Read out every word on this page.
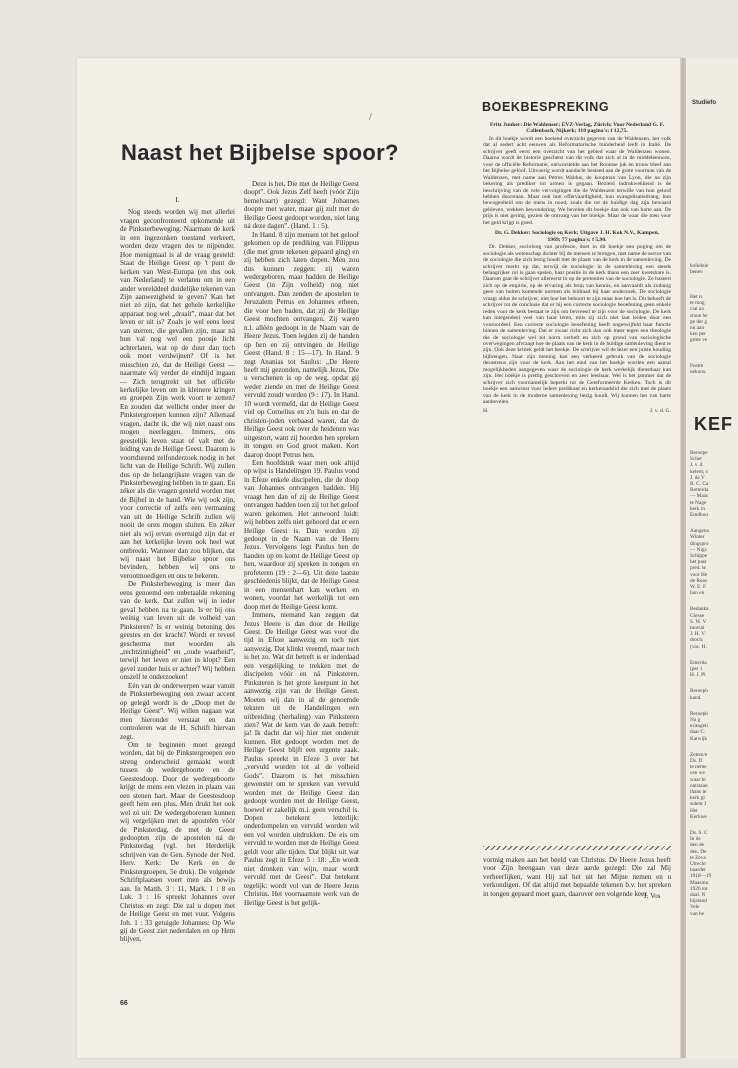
Studiefo
KEF
kollektie
beneo
Het is
te mog
cial aa
sinne he
ge der g
nu aan
ken per
grote ve
Postre
nekons.
Beroepe
Scher
J. v. d.
kelem; c
J. de V
R. C. Ca
Rotterda
— Maas
te Nage
kerk in
Emdhou
Aangeno
Winter
dingspro
— Nigs
Schippe
het past
pred. te
voor He
de Roos
W. E. F
hun en
Bedanka
Giesse
S. W. V
morsai
J. H. V
droch;
(vac. H.
Emerita
(per 1
H. J. Pl
Beroeph
kand.
Beroeph
Na g
evangeli
daar C.
Katwijk
Zetten/e
Ds. D
te neme
cen we
waar hi
ontstaan
thans te
kerk gi
sulent J
Het
Kerkwe
Ds. S. C
In de
den de
den. De
te Zeva
Utrecht
haarder
1918—19
Maasmu
1926 tot
daal. N
bijstand
Vele
van he
/
Naast het Bijbelse spoor?

I.

Nog steeds worden wij met allerlei vragen geconfronteerd opkomende uit de Pinksterbeweging. Naarmate de kerk in een ingezonken toestand verkeert, worden deze vragen des te nijpender. Hoe menigmaal is al de vraag gesteld: Staat de Heilige Geest op 't punt de kerken van West-Europa (en dus ook van Nederland) te verlaten om in een ander werelddeel duidelijke tekenen van Zijn aanwezigheid te geven? Kan het niet zó zijn, dat het gehele kerkelijke apparaat nog wel „draait”, maar dat het leven er uit is? Zoals je wel eens leest van sterren, die gevallen zijn, maar nà hun val nog wel een poosje licht achterlaten, wat op de duur dan toch ook moet verdwijnen? Of is het misschien zó, dat de Heilige Geest — naarmate wij verder de eindtijd ingaan — Zich terugtrekt uit het officiële kerkelijke leven om in kleinere kringen en groepen Zijn werk voort te zetten? En zouden dat wellicht onder meer de Pinkstergroepen kunnen zijn? Allemaal vragen, dacht ik, die wij niet naast ons mogen neerleggen. Immers, ons geestelijk leven staat of valt met de leiding van de Heilige Geest. Daarom is voortdurend zelfonderzoek nodig in het licht van de Heilige Schrift. Wij zullen dus op de belangrijkste vragen van de Pinksterbeweging hebben in te gaan. En zéker als die vragen gesteld worden met de Bijbel in de hand. Wie wij ook zijn, voor correctie of zelfs een vermaning van uit de Heilige Schrift zullen wij nooit de oren mogen sluiten. En zéker niet als wij ervan overtuigd zijn dat er aan het kerkelijke leven ook heel wat ontbreekt. Wanneer dan zou blijken, dat wij naast het Bijbelse spoor ons bevinden, hebben wij ons te verootmoedigen en ons te bekeren.

De Pinksterbeweging is meer dan eens genoemd een onbetaalde rekening van de kerk. Dat zullen wij in ieder geval hebben na te gaan. Is er bij ons weinig van leven uit de volheid van Pinksteren? Is er weinig betoning des geestes en der kracht? Wordt er teveel gescherma met woorden als „rechtzinnigheid” en „oude waarheid”, terwijl het leven er niet in klopt? Een gevel zonder huis er achter? Wij hebben onszelf te onderzoeken!

Eén van de onderwerpen waar vanuit de Pinksterbeweging een zwaar accent op gelegd wordt is de „Doop met de Heilige Geest”. Wij willen nagaan wat men hieronder verstaat en dan controleren wat de H. Schrift hiervan zegt.

Om te beginnen moet gezegd worden, dat bij de Pinkstergroepen een streng onderscheid gemaakt wordt tussen de wedergeboorte en de Geestesdoop. Door de wedergeboorte krijgt de mens een vlezen in plaats van een stenen hart. Maar de Geestesdoop geeft hem een plus. Men drukt het ook wel zó uit: De wedergeborenen kunnen wij vergelijken met de apostelen vóór de Pinksterdag, de met de Geest gedoopten zijn de apostelen ná de Pinksterdag (vgl. het Herderlijk schrijven van de Gen. Synode der Ned. Herv. Kerk: De Kerk en de Pinkstergroepen, 5e druk). De volgende Schriftplaatsen voert men als bewijs aan. In Matth. 3 : 11, Mark. 1 : 8 en Luk. 3 : 16 spreekt Johannes over Christus en zegt: Die zal u dopen met de Heilige Geest en met vuur. Volgens Joh. 1 : 33 getuigde Johannes: Op Wie gij de Geest ziet nederdalen en op Hem blijven,

Deze is het, Die met de Heilige Geest doopt”. Ook Jezus Zelf heeft (vóór Zijn hemelvaart) gezegd: Want Johannes doopte met water, maar gij zult met de Heilige Geest gedoopt worden, niet lang ná deze dagen”. (Hand. 1 : 5).

In Hand. 8 zijn mensen tot het geloof gekomen op de prediking van Filippus (die met grote tekenen gepaard ging) en zij hebben zich laten dopen. Men zou dus kunnen zeggen: zij waren wedergeboren, maar hadden de Heilige Geest (in Zijn volheid) nog niet ontvangen. Dan zenden de apostelen te Jeruzalem Petrus en Johannes erheen, die voor hen baden, dat zij de Heilige Geest mochten ontvangen. Zij waren n.l. alléén gedoopt in de Naam van de Heere Jezus. Toen legden zij de handen op hen en zij ontvingen de Heilige Geest (Hand. 8 : 15—17). In Hand. 9 zegt Ananias tot Saulus: „De Heere heeft mij gezonden, namelijk Jezus, Die u verschenen is op de weg, opdat gij weder ziende en met de Heilige Geest vervuld zoudt worden (9 : 17). In Hand. 10 wordt vermeld, dat de Heilige Geest viel op Cornelius en z'n huis en dat de christen-joden verbaasd waren, dat de Heilige Geest ook over de heidenen was uitgestort, want zij hoorden hen spreken in tongen en God groot maken. Kort daarop doopt Petrus hen.

Een hoofdstuk waar men ook altijd op wijst is Handelingen 19. Paulus vond in Efeze enkele discipelen, die de doop van Johannes ontvangen hadden. Hij vraagt hen dan of zij de Heilige Geest ontvangen hadden toen zij tot het geloof waren gekomen. Het antwoord luidt: wij hebben zelfs niet gehoord dat er een Heilige Geest is. Dan worden zij gedoopt in de Naam van de Heere Jezus. Vervolgens legt Paulus hen de handen op en komt de Heilige Geest op hen, waardoor zij spreken in tongen en profeteren (19 : 2—6). Uit deze laatste geschiedenis blijkt, dat de Heilige Geest in een mensenhart kan werken en wonen, voordat het werkelijk tot een doop met de Heilige Geest komt.

Immers, niemand kan zeggen dat Jezus Heere is dan door de Heilige Geest. De Heilige Geest was voor die tijd in Efeze aanwezig en toch niet aanwezig. Dat klinkt vreemd, maar toch is het zo. Wat dit betreft is er inderdaad een vergelijking te trekken met de discipelen vóór en ná Pinksteren. Pinksteren is het grote keerpunt in het aanwezig zijn van de Heilige Geest. Moeten wij dan in al de genoemde teksten uit de Handelingen een uitbreiding (herhaling) van Pinksteren zien? Wat de kern van de zaak betreft: ja! Ik dacht dat wij hier niet onderuit kunnen. Het gedoopt worden met de Heilige Geest blijft een urgente zaak. Paulus spreekt in Efeze 3 over het „vervuld worden tot al de volheid Gods”. Daarom is het misschien gewenster om te spreken van vervuld worden met de Heilige Geest dan gedoopt worden met de Heilige Geest, hoewel er zakelijk m.i. geen verschil is. Dopen betekent letterlijk: onderdompelen en vervuld worden wil een vol worden uitdrukken. De eis om vervuld te worden met de Heilige Geest geldt voor alle tijden. Dat blijkt uit wat Paulus zegt in Efeze 5 : 18: „En wordt niet dronken van wijn, maar wordt vervuld met de Geest”. Dat betekent tegelijk: wordt vol van de Heere Jezus Christus. Het voornaamste werk van de Heilige Geest is het gelijk-

BOEKBESPREKING

Fritz Junker: Die Waldenser; EVZ-Verlag, Zürich; Voor Nederland G. F. Callenbach, Nijkerk; 110 pagina's; f 12,75.

In dit boekje wordt een boeiend overzicht gegeven van de Waldenzen, het volk dat al sedert acht eeuwen als Reformatorische minderheid leeft in Italië. De schrijver geeft eerst een overzicht van het gebied waar de Waldenzen wonen. Daarna wordt de historie geschetst van dit volk dat zich al in de middeleeuwen, voor de officiële Reformatie, ontworstelde aan het Roomse juk en trouw bleef aan het Bijbelse geloof. Uitvoerig wordt aandacht besteed aan de grote voorman van de Waldenzen, met name aan Petrus Waldus, de koopman van Lyon, die na zijn bekering als prediker tot armen is gegaan. Bezield indrukwekkend is de beschrijving van de vele vervolgingen die de Waldenzen terwille van hun geloof hebben doorstaan. Maar ook hun offervaardigheid, hun evangelisatiedrang, hun bewogenheid om de mens in nood, zoals die tot de huidige dag zijn bewaard gebleven, wekken bewondering. We bevelen dit boekje dan ook van harte aan. De prijs is niet gering, gezien de omvang van het boekje. Maar de waar die men voor het geld krijgt is goed.

Dr. G. Dekker: Sociologie en Kerk; Uitgave J. H. Kok N.V., Kampen, 1969; 77 pagina's; f 5,90.

Dr. Dekker, socioloog van professie, doet in dit boekje een poging om de sociologie als wetenschap dichter bij de mensen te brengen, met name de sector van de sociologie die zich bezig houdt met de plaats van de kerk in de samenleving. De schrijver merkt op dat, terwijl de sociologie in de samenleving een steeds belangrijker rol is gaan spelen, haar positie in de kerk thans een zeer kwetsbare is. Daarom gaat de schrijver allereerst in op de pretenties van de sociologie. Ze baseert zich op de empirie, op de ervaring als bron van kennis, en aanvaardt als zodanig geen van buiten komende normen als leidraad bij haar onderzoek. De sociologie vraagt aldus de schrijver, niet hoe het behoort te zijn maar hoe het is. Dit behoeft de schrijver tot de conclusie dat er bij een correcte sociologie beoefening geen enkele reden voor de kerk bestaat te zijn om bevreesd te zijn voor de sociologie. De kerk kan integendeel veel van haar leren, mits zij zich niet laat leiden door een vooroordeel. Een correcte sociologie beoefening heeft ongetwijfeld haar functie binnen de samenleving. Dat er zwaar richt zich dan ook meer tegen een theologie die de sociologie wel tot norm verheft en zich op grond van sociologische overwegingen afvraagt hoe de plaats van de kerk in de huidige samenleving dient te zijn. Ook deze kritiek geldt het boekje. De schrijver wil de lezer een juiste houding bijbrengen. Naar zijn mening kan een verkeerd gebruik van de sociologie desastreus zijn voor de kerk. Aan het eind van het boekje worden een aantal mogelijkheden aangegeven waar de sociologie de kerk werkelijk dienstbaar kan zijn. Het boekje is prettig geschreven en zeer leesbaar. Wel is het jammer dat de schrijver zich voornamelijk beperkt tot de Gereformeerde Kerken. Toch is dit boekje een aanwinst voor iedere predikant en kerkeraadslid die zich met de plaats van de kerk in de moderne samenleving bezig houdt. Wij kunnen het van harte aanbevelen.

H.	J. v. d. G.

vormig maken aan het beeld van Christus. De Heere Jezus heeft voor Zijn heengaan van deze aarde gezegd: Die zal Mij verheerlijken, want Hij zal het uit het Mijne nemen en u verkondigen. Of dat altijd met bepaalde tekenen b.v. het spreken in tongen gepaard moet gaan, daarover een volgende keer.

J. Vos
66
